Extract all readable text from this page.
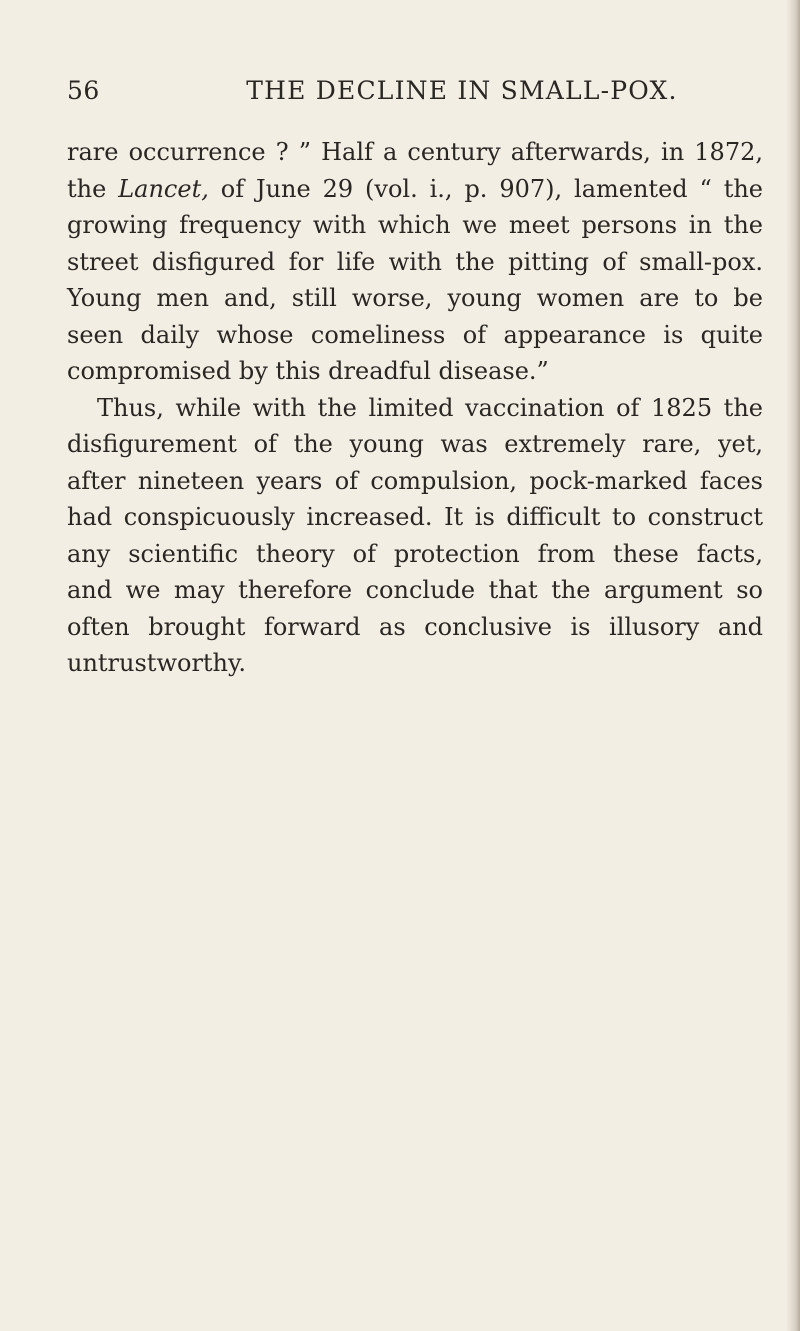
56	THE DECLINE IN SMALL-POX.
rare occurrence ? ” Half a century afterwards, in 1872,
the Lancet, of June 29 (vol. i., p. 907), lamented “ the
growing frequency with which we meet persons in the
street disfigured for life with the pitting of small-pox.
Young men and, still worse, young women are to be
seen daily whose comeliness of appearance is quite
compromised by this dreadful disease.”
Thus, while with the limited vaccination of 1825 the
disfigurement of the young was extremely rare, yet,
after nineteen years of compulsion, pock-marked faces
had conspicuously increased. It is difficult to construct
any scientific theory of protection from these facts,
and we may therefore conclude that the argument so
often brought forward as conclusive is illusory and
untrustworthy.
